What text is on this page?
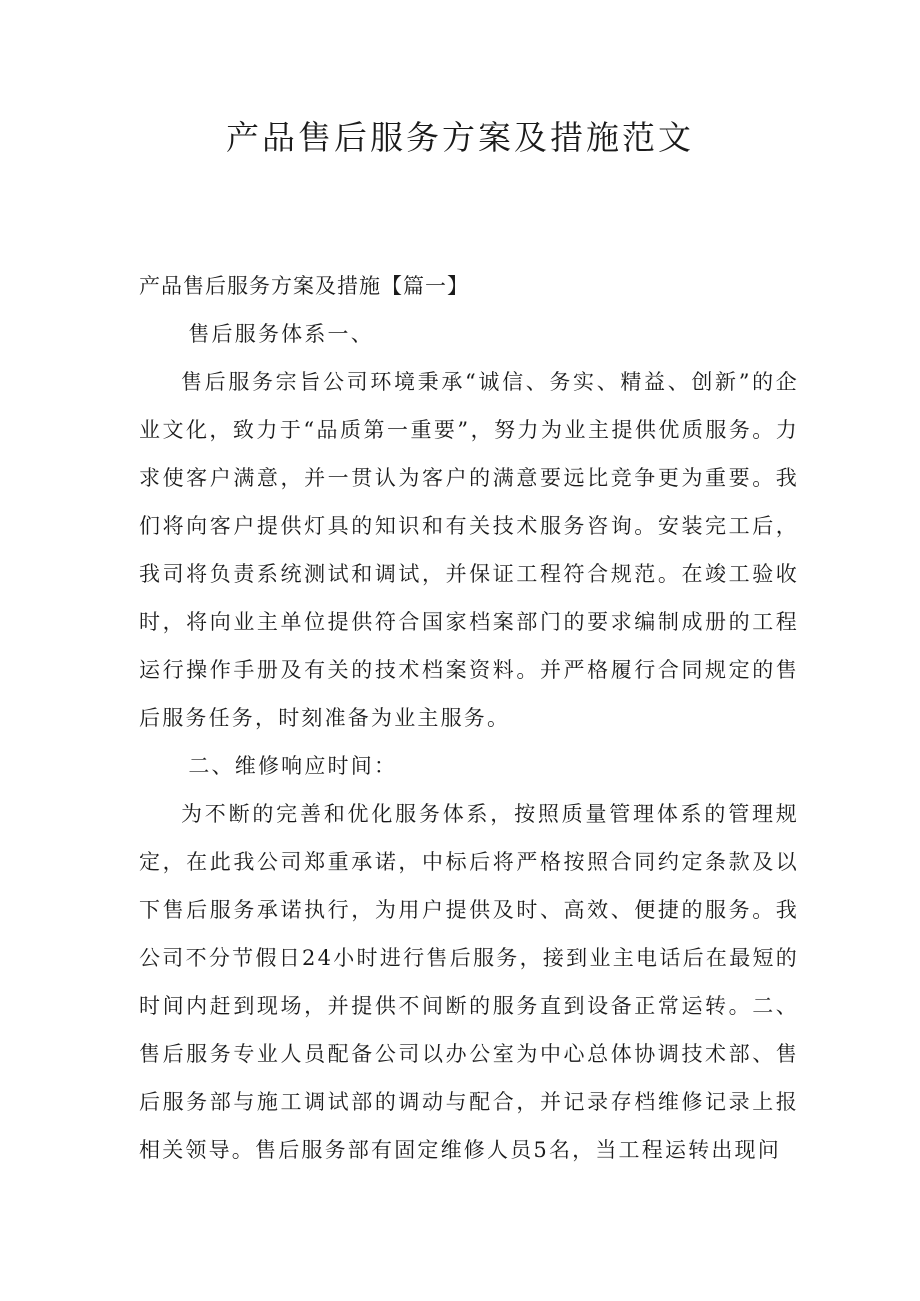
产品售后服务方案及措施范文

产品售后服务方案及措施【篇一】

售后服务体系一、

售后服务宗旨公司环境秉承“诚信、务实、精益、创新”的企业文化，致力于“品质第一重要”，努力为业主提供优质服务。力求使客户满意，并一贯认为客户的满意要远比竞争更为重要。我们将向客户提供灯具的知识和有关技术服务咨询。安装完工后，我司将负责系统测试和调试，并保证工程符合规范。在竣工验收时，将向业主单位提供符合国家档案部门的要求编制成册的工程运行操作手册及有关的技术档案资料。并严格履行合同规定的售后服务任务，时刻准备为业主服务。

二、维修响应时间：

为不断的完善和优化服务体系，按照质量管理体系的管理规定，在此我公司郑重承诺，中标后将严格按照合同约定条款及以下售后服务承诺执行，为用户提供及时、高效、便捷的服务。我公司不分节假日24小时进行售后服务，接到业主电话后在最短的时间内赶到现场，并提供不间断的服务直到设备正常运转。二、售后服务专业人员配备公司以办公室为中心总体协调技术部、售后服务部与施工调试部的调动与配合，并记录存档维修记录上报相关领导。售后服务部有固定维修人员5名，当工程运转出现问
